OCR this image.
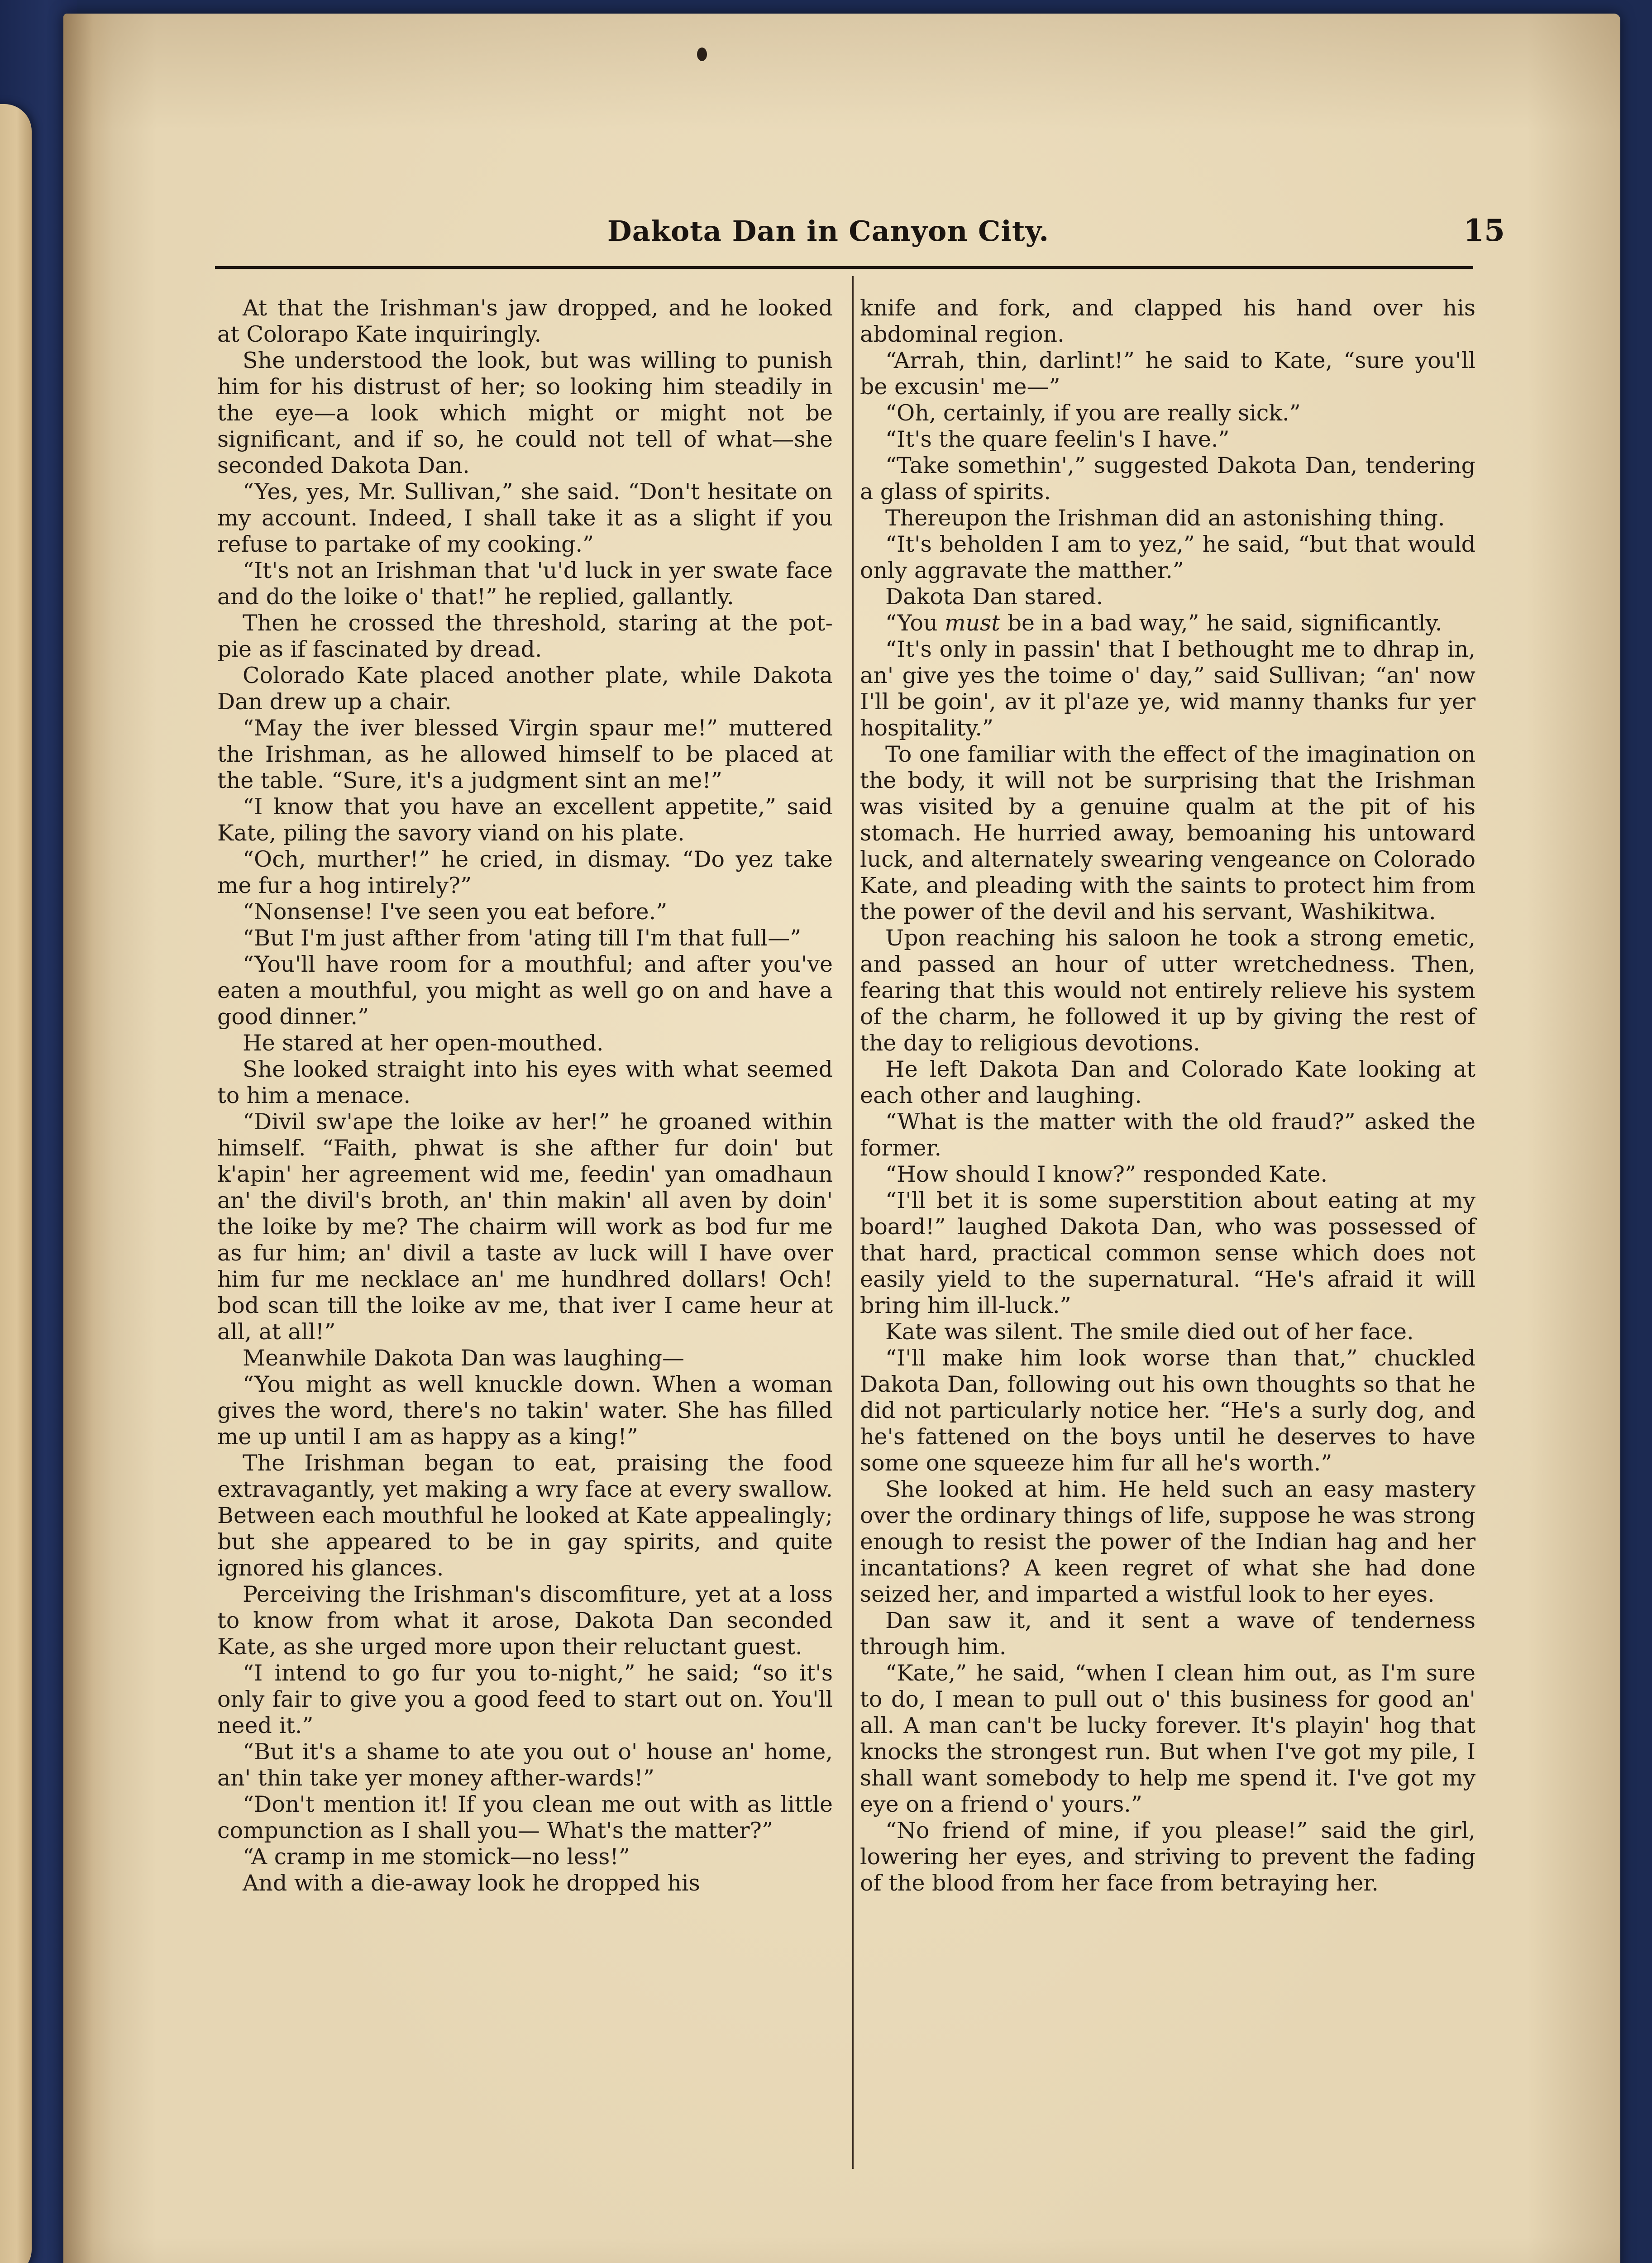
Dakota Dan in Canyon City.	15

At that the Irishman's jaw dropped, and he looked at Colorapo Kate inquiringly.

She understood the look, but was willing to punish him for his distrust of her; so looking him steadily in the eye—a look which might or might not be significant, and if so, he could not tell of what—she seconded Dakota Dan.

“Yes, yes, Mr. Sullivan,” she said. “Don't hesitate on my account. Indeed, I shall take it as a slight if you refuse to partake of my cooking.”

“It's not an Irishman that 'u'd luck in yer swate face and do the loike o' that!” he replied, gallantly.

Then he crossed the threshold, staring at the pot-pie as if fascinated by dread.

Colorado Kate placed another plate, while Dakota Dan drew up a chair.

“May the iver blessed Virgin spaur me!” muttered the Irishman, as he allowed himself to be placed at the table. “Sure, it's a judgment sint an me!”

“I know that you have an excellent appetite,” said Kate, piling the savory viand on his plate.

“Och, murther!” he cried, in dismay. “Do yez take me fur a hog intirely?”

“Nonsense! I've seen you eat before.”

“But I'm just afther from 'ating till I'm that full—”

“You'll have room for a mouthful; and after you've eaten a mouthful, you might as well go on and have a good dinner.”

He stared at her open-mouthed.

She looked straight into his eyes with what seemed to him a menace.

“Divil sw'ape the loike av her!” he groaned within himself. “Faith, phwat is she afther fur doin' but k'apin' her agreement wid me, feedin' yan omadhaun an' the divil's broth, an' thin makin' all aven by doin' the loike by me? The chairm will work as bod fur me as fur him; an' divil a taste av luck will I have over him fur me necklace an' me hundhred dollars! Och! bod scan till the loike av me, that iver I came heur at all, at all!”

Meanwhile Dakota Dan was laughing—

“You might as well knuckle down. When a woman gives the word, there's no takin' water. She has filled me up until I am as happy as a king!”

The Irishman began to eat, praising the food extravagantly, yet making a wry face at every swallow. Between each mouthful he looked at Kate appealingly; but she appeared to be in gay spirits, and quite ignored his glances.

Perceiving the Irishman's discomfiture, yet at a loss to know from what it arose, Dakota Dan seconded Kate, as she urged more upon their reluctant guest.

“I intend to go fur you to-night,” he said; “so it's only fair to give you a good feed to start out on. You'll need it.”

“But it's a shame to ate you out o' house an' home, an' thin take yer money afther-wards!”

“Don't mention it! If you clean me out with as little compunction as I shall you— What's the matter?”

“A cramp in me stomick—no less!”

And with a die-away look he dropped his

knife and fork, and clapped his hand over his abdominal region.

“Arrah, thin, darlint!” he said to Kate, “sure you'll be excusin' me—”

“Oh, certainly, if you are really sick.”

“It's the quare feelin's I have.”

“Take somethin',” suggested Dakota Dan, tendering a glass of spirits.

Thereupon the Irishman did an astonishing thing.

“It's beholden I am to yez,” he said, “but that would only aggravate the matther.”

Dakota Dan stared.

“You must be in a bad way,” he said, significantly.

“It's only in passin' that I bethought me to dhrap in, an' give yes the toime o' day,” said Sullivan; “an' now I'll be goin', av it pl'aze ye, wid manny thanks fur yer hospitality.”

To one familiar with the effect of the imagination on the body, it will not be surprising that the Irishman was visited by a genuine qualm at the pit of his stomach. He hurried away, bemoaning his untoward luck, and alternately swearing vengeance on Colorado Kate, and pleading with the saints to protect him from the power of the devil and his servant, Washikitwa.

Upon reaching his saloon he took a strong emetic, and passed an hour of utter wretchedness. Then, fearing that this would not entirely relieve his system of the charm, he followed it up by giving the rest of the day to religious devotions.

He left Dakota Dan and Colorado Kate looking at each other and laughing.

“What is the matter with the old fraud?” asked the former.

“How should I know?” responded Kate.

“I'll bet it is some superstition about eating at my board!” laughed Dakota Dan, who was possessed of that hard, practical common sense which does not easily yield to the supernatural. “He's afraid it will bring him ill-luck.”

Kate was silent. The smile died out of her face.

“I'll make him look worse than that,” chuckled Dakota Dan, following out his own thoughts so that he did not particularly notice her. “He's a surly dog, and he's fattened on the boys until he deserves to have some one squeeze him fur all he's worth.”

She looked at him. He held such an easy mastery over the ordinary things of life, suppose he was strong enough to resist the power of the Indian hag and her incantations? A keen regret of what she had done seized her, and imparted a wistful look to her eyes.

Dan saw it, and it sent a wave of tenderness through him.

“Kate,” he said, “when I clean him out, as I'm sure to do, I mean to pull out o' this business for good an' all. A man can't be lucky forever. It's playin' hog that knocks the strongest run. But when I've got my pile, I shall want somebody to help me spend it. I've got my eye on a friend o' yours.”

“No friend of mine, if you please!” said the girl, lowering her eyes, and striving to prevent the fading of the blood from her face from betraying her.
